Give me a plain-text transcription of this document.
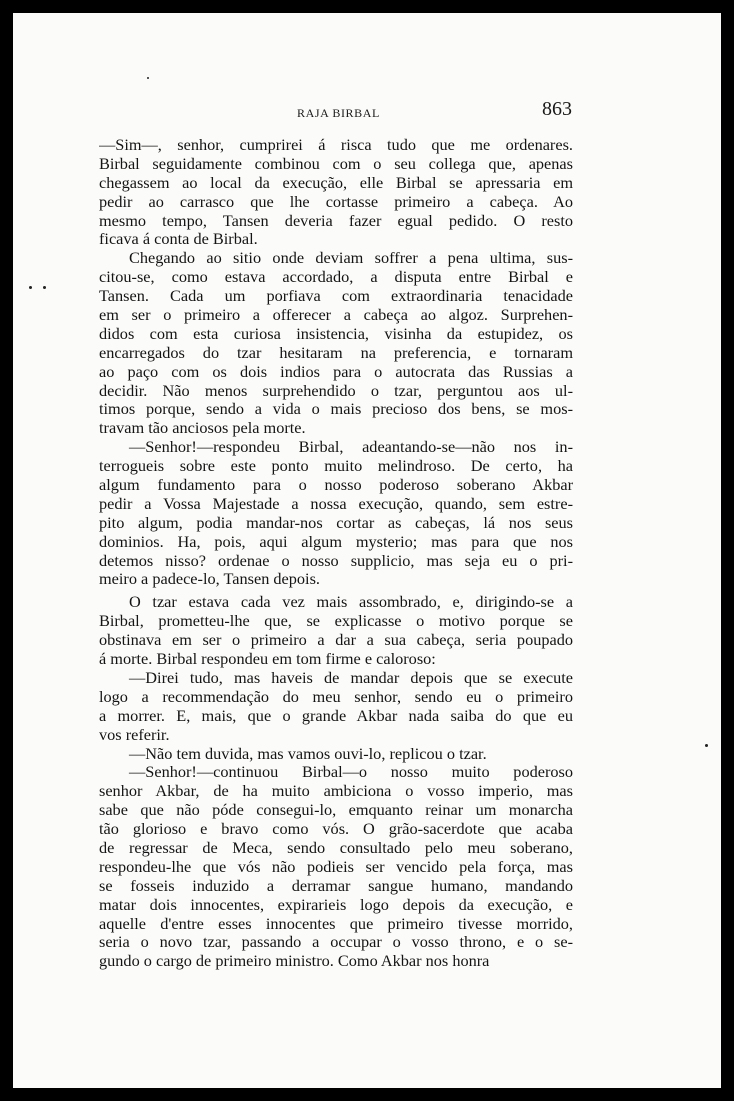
RAJA BIRBAL	863
—Sim—, senhor, cumprirei á risca tudo que me ordenares.
Birbal seguidamente combinou com o seu collega que, apenas
chegassem ao local da execução, elle Birbal se apressaria em
pedir ao carrasco que lhe cortasse primeiro a cabeça. Ao
mesmo tempo, Tansen deveria fazer egual pedido. O resto
ficava á conta de Birbal.
Chegando ao sitio onde deviam soffrer a pena ultima, sus-
citou-se, como estava accordado, a disputa entre Birbal e
Tansen. Cada um porfiava com extraordinaria tenacidade
em ser o primeiro a offerecer a cabeça ao algoz. Surprehen-
didos com esta curiosa insistencia, visinha da estupidez, os
encarregados do tzar hesitaram na preferencia, e tornaram
ao paço com os dois indios para o autocrata das Russias a
decidir. Não menos surprehendido o tzar, perguntou aos ul-
timos porque, sendo a vida o mais precioso dos bens, se mos-
travam tão anciosos pela morte.
—Senhor!—respondeu Birbal, adeantando-se—não nos in-
terrogueis sobre este ponto muito melindroso. De certo, ha
algum fundamento para o nosso poderoso soberano Akbar
pedir a Vossa Majestade a nossa execução, quando, sem estre-
pito algum, podia mandar-nos cortar as cabeças, lá nos seus
dominios. Ha, pois, aqui algum mysterio; mas para que nos
detemos nisso? ordenae o nosso supplicio, mas seja eu o pri-
meiro a padece-lo, Tansen depois.
O tzar estava cada vez mais assombrado, e, dirigindo-se a
Birbal, prometteu-lhe que, se explicasse o motivo porque se
obstinava em ser o primeiro a dar a sua cabeça, seria poupado
á morte. Birbal respondeu em tom firme e caloroso:
—Direi tudo, mas haveis de mandar depois que se execute
logo a recommendação do meu senhor, sendo eu o primeiro
a morrer. E, mais, que o grande Akbar nada saiba do que eu
vos referir.
—Não tem duvida, mas vamos ouvi-lo, replicou o tzar.
—Senhor!—continuou Birbal—o nosso muito poderoso
senhor Akbar, de ha muito ambiciona o vosso imperio, mas
sabe que não póde consegui-lo, emquanto reinar um monarcha
tão glorioso e bravo como vós. O grão-sacerdote que acaba
de regressar de Meca, sendo consultado pelo meu soberano,
respondeu-lhe que vós não podieis ser vencido pela força, mas
se fosseis induzido a derramar sangue humano, mandando
matar dois innocentes, expirarieis logo depois da execução, e
aquelle d'entre esses innocentes que primeiro tivesse morrido,
seria o novo tzar, passando a occupar o vosso throno, e o se-
gundo o cargo de primeiro ministro. Como Akbar nos honra
